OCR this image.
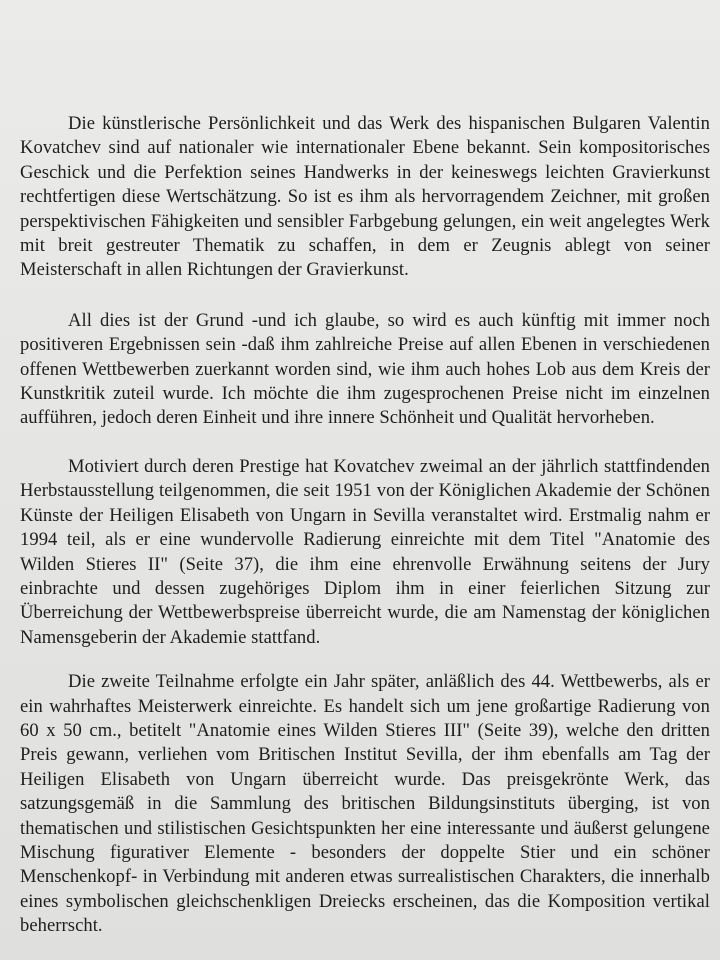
Die künstlerische Persönlichkeit und das Werk des hispanischen Bulgaren Valentin Kovatchev sind auf nationaler wie internationaler Ebene bekannt. Sein kompositorisches Geschick und die Perfektion seines Handwerks in der keineswegs leichten Gravierkunst rechtfertigen diese Wertschätzung. So ist es ihm als hervorragendem Zeichner, mit großen perspektivischen Fähigkeiten und sensibler Farbgebung gelungen, ein weit angelegtes Werk mit breit gestreuter Thematik zu schaffen, in dem er Zeugnis ablegt von seiner Meisterschaft in allen Richtungen der Gravierkunst.

All dies ist der Grund -und ich glaube, so wird es auch künftig mit immer noch positiveren Ergebnissen sein -daß ihm zahlreiche Preise auf allen Ebenen in verschiedenen offenen Wettbewerben zuerkannt worden sind, wie ihm auch hohes Lob aus dem Kreis der Kunstkritik zuteil wurde. Ich möchte die ihm zugesprochenen Preise nicht im einzelnen aufführen, jedoch deren Einheit und ihre innere Schönheit und Qualität hervorheben.

Motiviert durch deren Prestige hat Kovatchev zweimal an der jährlich stattfindenden Herbstausstellung teilgenommen, die seit 1951 von der Königlichen Akademie der Schönen Künste der Heiligen Elisabeth von Ungarn in Sevilla veranstaltet wird. Erstmalig nahm er 1994 teil, als er eine wundervolle Radierung einreichte mit dem Titel "Anatomie des Wilden Stieres II" (Seite 37), die ihm eine ehrenvolle Erwähnung seitens der Jury einbrachte und dessen zugehöriges Diplom ihm in einer feierlichen Sitzung zur Überreichung der Wettbewerbspreise überreicht wurde, die am Namenstag der königlichen Namensgeberin der Akademie stattfand.

Die zweite Teilnahme erfolgte ein Jahr später, anläßlich des 44. Wettbewerbs, als er ein wahrhaftes Meisterwerk einreichte. Es handelt sich um jene großartige Radierung von 60 x 50 cm., betitelt "Anatomie eines Wilden Stieres III" (Seite 39), welche den dritten Preis gewann, verliehen vom Britischen Institut Sevilla, der ihm ebenfalls am Tag der Heiligen Elisabeth von Ungarn überreicht wurde. Das preisgekrönte Werk, das satzungsgemäß in die Sammlung des britischen Bildungsinstituts überging, ist von thematischen und stilistischen Gesichtspunkten her eine interessante und äußerst gelungene Mischung figurativer Elemente - besonders der doppelte Stier und ein schöner Menschenkopf- in Verbindung mit anderen etwas surrealistischen Charakters, die innerhalb eines symbolischen gleichschenkligen Dreiecks erscheinen, das die Komposition vertikal beherrscht.
